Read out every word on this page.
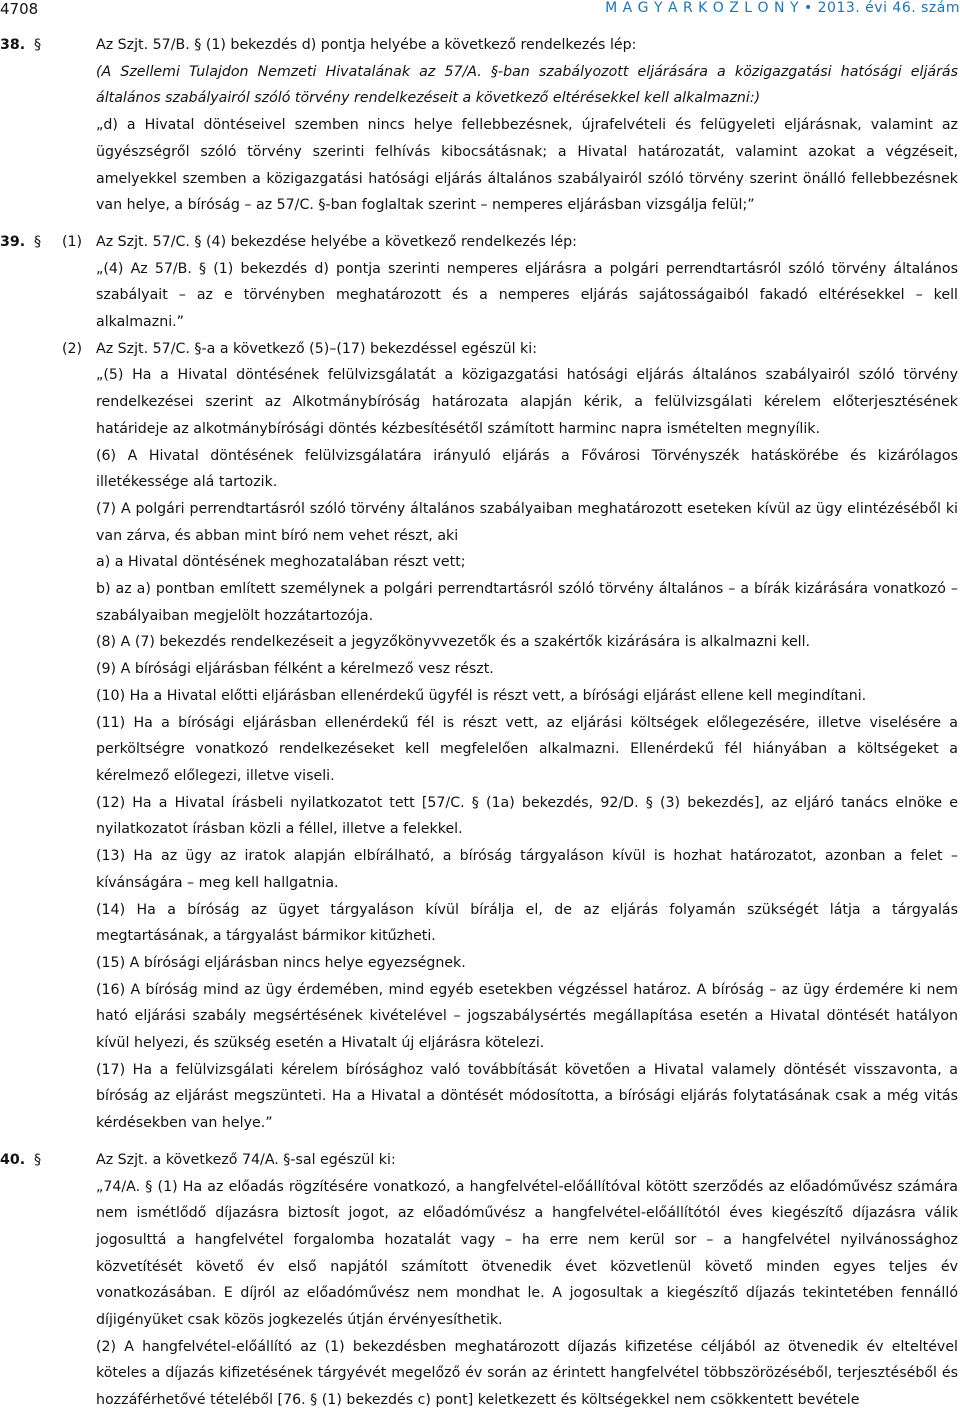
4708	M A G Y A R K Ö Z L Ö N Y • 2013. évi 46. szám
38. §	Az Szjt. 57/B. § (1) bekezdés d) pontja helyébe a következő rendelkezés lép:

(A Szellemi Tulajdon Nemzeti Hivatalának az 57/A. §-ban szabályozott eljárására a közigazgatási hatósági eljárás általános szabályairól szóló törvény rendelkezéseit a következő eltérésekkel kell alkalmazni:)

„d) a Hivatal döntéseivel szemben nincs helye fellebbezésnek, újrafelvételi és felügyeleti eljárásnak, valamint az ügyészségről szóló törvény szerinti felhívás kibocsátásnak; a Hivatal határozatát, valamint azokat a végzéseit, amelyekkel szemben a közigazgatási hatósági eljárás általános szabályairól szóló törvény szerint önálló fellebbezésnek van helye, a bíróság – az 57/C. §-ban foglaltak szerint – nemperes eljárásban vizsgálja felül;”

39. §	(1) Az Szjt. 57/C. § (4) bekezdése helyébe a következő rendelkezés lép:

„(4) Az 57/B. § (1) bekezdés d) pontja szerinti nemperes eljárásra a polgári perrendtartásról szóló törvény általános szabályait – az e törvényben meghatározott és a nemperes eljárás sajátosságaiból fakadó eltérésekkel – kell alkalmazni.”

(2) Az Szjt. 57/C. §-a a következő (5)–(17) bekezdéssel egészül ki:

„(5) Ha a Hivatal döntésének felülvizsgálatát a közigazgatási hatósági eljárás általános szabályairól szóló törvény rendelkezései szerint az Alkotmánybíróság határozata alapján kérik, a felülvizsgálati kérelem előterjesztésének határideje az alkotmánybírósági döntés kézbesítésétől számított harminc napra ismételten megnyílik.

(6) A Hivatal döntésének felülvizsgálatára irányuló eljárás a Fővárosi Törvényszék hatáskörébe és kizárólagos illetékessége alá tartozik.

(7) A polgári perrendtartásról szóló törvény általános szabályaiban meghatározott eseteken kívül az ügy elintézéséből ki van zárva, és abban mint bíró nem vehet részt, aki

a) a Hivatal döntésének meghozatalában részt vett;

b) az a) pontban említett személynek a polgári perrendtartásról szóló törvény általános – a bírák kizárására vonatkozó – szabályaiban megjelölt hozzátartozója.

(8) A (7) bekezdés rendelkezéseit a jegyzőkönyvvezetők és a szakértők kizárására is alkalmazni kell.

(9) A bírósági eljárásban félként a kérelmező vesz részt.

(10) Ha a Hivatal előtti eljárásban ellenérdekű ügyfél is részt vett, a bírósági eljárást ellene kell megindítani.

(11) Ha a bírósági eljárásban ellenérdekű fél is részt vett, az eljárási költségek előlegezésére, illetve viselésére a perköltségre vonatkozó rendelkezéseket kell megfelelően alkalmazni. Ellenérdekű fél hiányában a költségeket a kérelmező előlegezi, illetve viseli.

(12) Ha a Hivatal írásbeli nyilatkozatot tett [57/C. § (1a) bekezdés, 92/D. § (3) bekezdés], az eljáró tanács elnöke e nyilatkozatot írásban közli a féllel, illetve a felekkel.

(13) Ha az ügy az iratok alapján elbírálható, a bíróság tárgyaláson kívül is hozhat határozatot, azonban a felet – kívánságára – meg kell hallgatnia.

(14) Ha a bíróság az ügyet tárgyaláson kívül bírálja el, de az eljárás folyamán szükségét látja a tárgyalás megtartásának, a tárgyalást bármikor kitűzheti.

(15) A bírósági eljárásban nincs helye egyezségnek.

(16) A bíróság mind az ügy érdemében, mind egyéb esetekben végzéssel határoz. A bíróság – az ügy érdemére ki nem ható eljárási szabály megsértésének kivételével – jogszabálysértés megállapítása esetén a Hivatal döntését hatályon kívül helyezi, és szükség esetén a Hivatalt új eljárásra kötelezi.

(17) Ha a felülvizsgálati kérelem bírósághoz való továbbítását követően a Hivatal valamely döntését visszavonta, a bíróság az eljárást megszünteti. Ha a Hivatal a döntését módosította, a bírósági eljárás folytatásának csak a még vitás kérdésekben van helye.”

40. §	Az Szjt. a következő 74/A. §-sal egészül ki:

„74/A. § (1) Ha az előadás rögzítésére vonatkozó, a hangfelvétel-előállítóval kötött szerződés az előadóművész számára nem ismétlődő díjazásra biztosít jogot, az előadóművész a hangfelvétel-előállítótól éves kiegészítő díjazásra válik jogosulttá a hangfelvétel forgalomba hozatalát vagy – ha erre nem kerül sor – a hangfelvétel nyilvánossághoz közvetítését követő év első napjától számított ötvenedik évet közvetlenül követő minden egyes teljes év vonatkozásában. E díjról az előadóművész nem mondhat le. A jogosultak a kiegészítő díjazás tekintetében fennálló díjigényüket csak közös jogkezelés útján érvényesíthetik.

(2) A hangfelvétel-előállító az (1) bekezdésben meghatározott díjazás kifizetése céljából az ötvenedik év elteltével köteles a díjazás kifizetésének tárgyévét megelőző év során az érintett hangfelvétel többszörözéséből, terjesztéséből és hozzáférhetővé tételéből [76. § (1) bekezdés c) pont] keletkezett és költségekkel nem csökkentett bevétele
